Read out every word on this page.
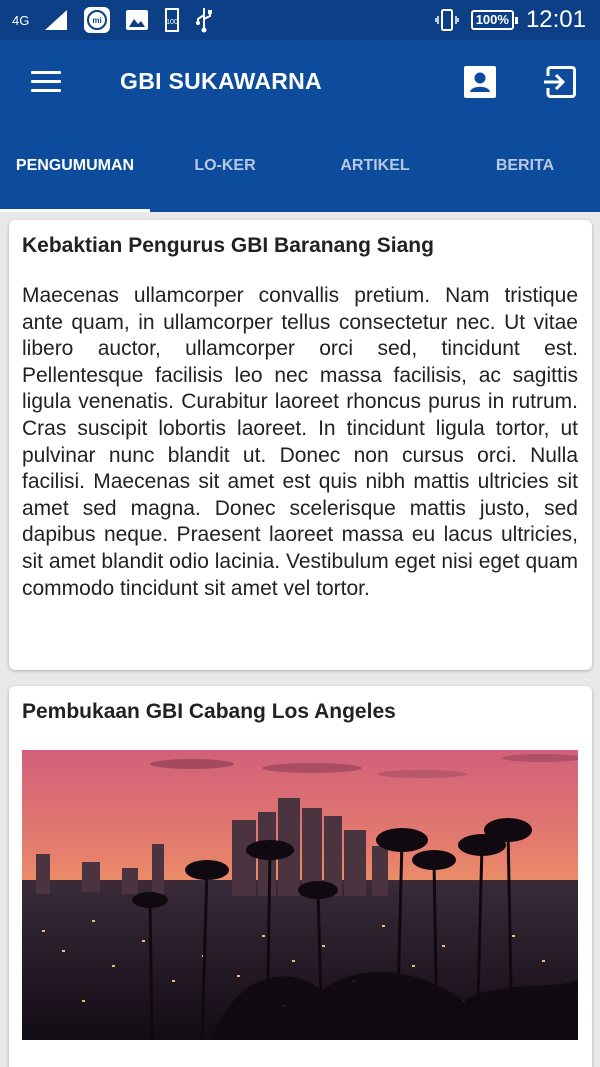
4G	mi	100	100% 12:01
GBI SUKAWARNA
PENGUMUMAN	LO-KER	ARTIKEL	BERITA
Kebaktian Pengurus GBI Baranang Siang
Maecenas ullamcorper convallis pretium. Nam tristique ante quam, in ullamcorper tellus consectetur nec. Ut vitae libero auctor, ullamcorper orci sed, tincidunt est. Pellentesque facilisis leo nec massa facilisis, ac sagittis ligula venenatis. Curabitur laoreet rhoncus purus in rutrum. Cras suscipit lobortis laoreet. In tincidunt ligula tortor, ut pulvinar nunc blandit ut. Donec non cursus orci. Nulla facilisi. Maecenas sit amet est quis nibh mattis ultricies sit amet sed magna. Donec scelerisque mattis justo, sed dapibus neque. Praesent laoreet massa eu lacus ultricies, sit amet blandit odio lacinia. Vestibulum eget nisi eget quam commodo tincidunt sit amet vel tortor.
Pembukaan GBI Cabang Los Angeles
